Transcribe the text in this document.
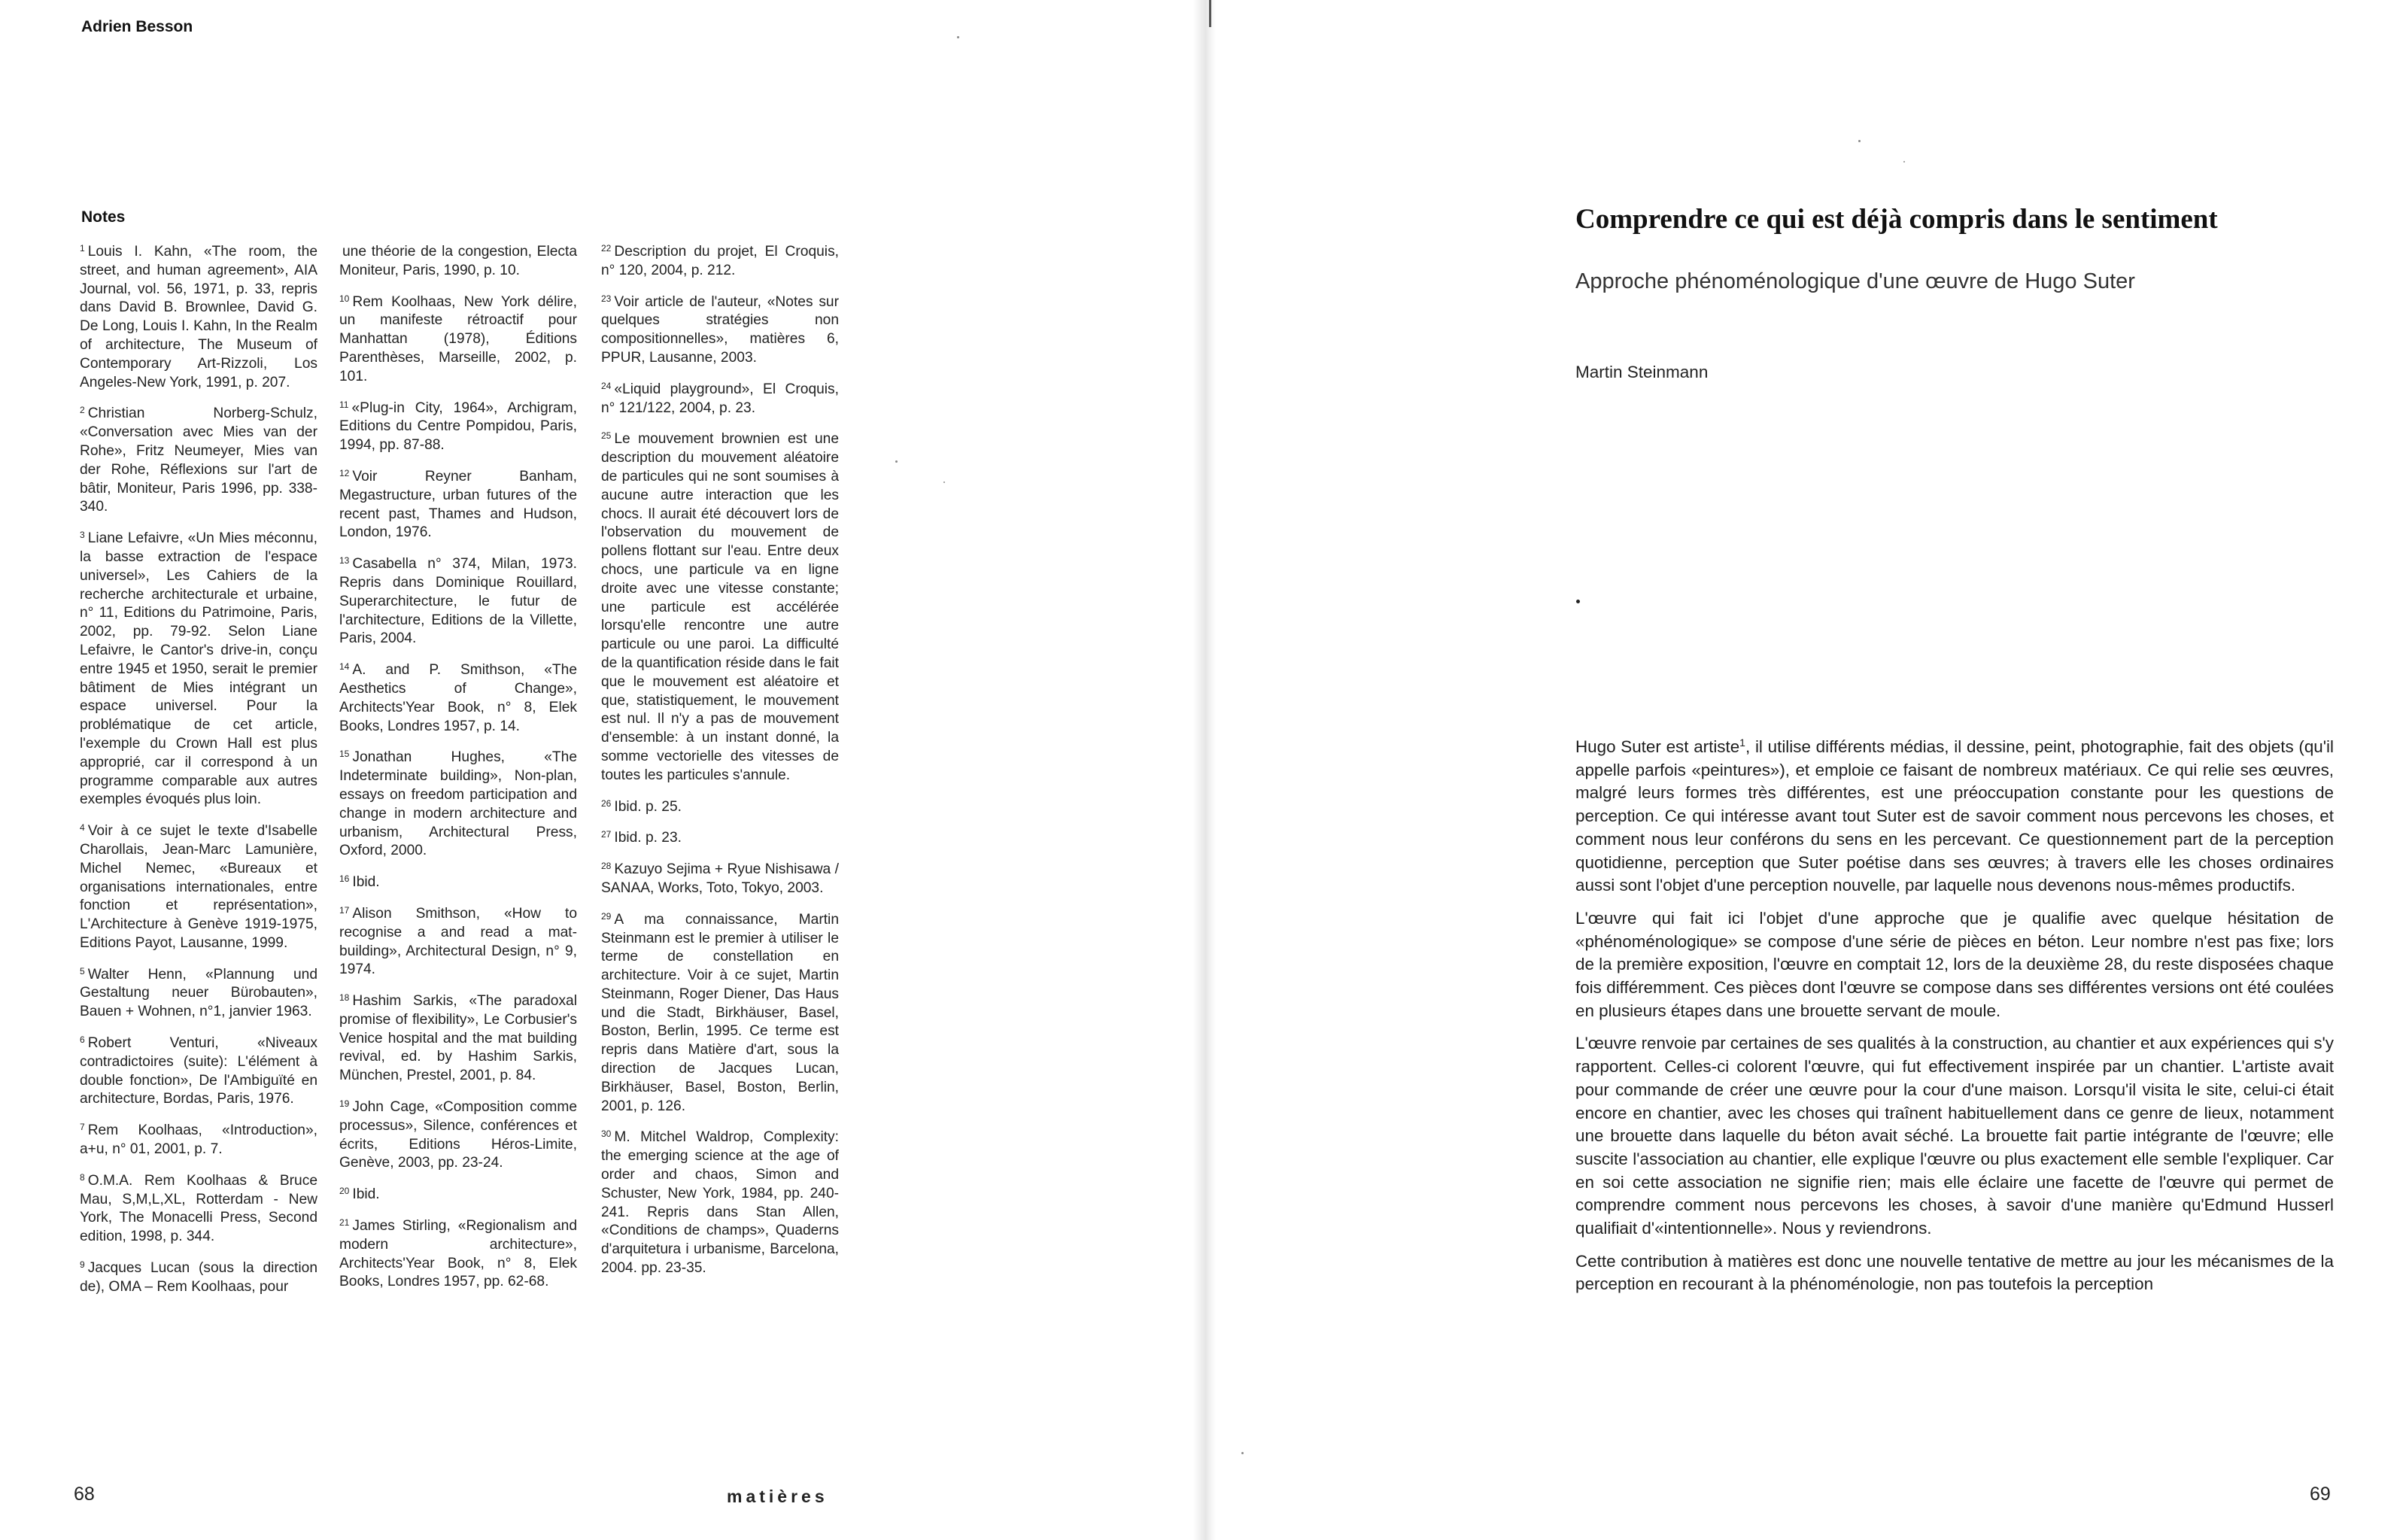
Adrien Besson
Notes

$^1$ Louis I. Kahn, «The room, the street, and human agreement», AIA Journal, vol. 56, 1971, p. 33, repris dans David B. Brownlee, David G. De Long, Louis I. Kahn, In the Realm of architecture, The Museum of Contemporary Art-Rizzoli, Los Angeles-New York, 1991, p. 207.

$^2$ Christian Norberg-Schulz, «Conversation avec Mies van der Rohe», Fritz Neumeyer, Mies van der Rohe, Réflexions sur l'art de bâtir, Moniteur, Paris 1996, pp. 338-340.

$^3$ Liane Lefaivre, «Un Mies méconnu, la basse extraction de l'espace universel», Les Cahiers de la recherche architecturale et urbaine, n° 11, Editions du Patrimoine, Paris, 2002, pp. 79-92. Selon Liane Lefaivre, le Cantor's drive-in, conçu entre 1945 et 1950, serait le premier bâtiment de Mies intégrant un espace universel. Pour la problématique de cet article, l'exemple du Crown Hall est plus approprié, car il correspond à un programme comparable aux autres exemples évoqués plus loin.

$^4$ Voir à ce sujet le texte d'Isabelle Charollais, Jean-Marc Lamunière, Michel Nemec, «Bureaux et organisations internationales, entre fonction et représentation», L'Architecture à Genève 1919-1975, Editions Payot, Lausanne, 1999.

$^5$ Walter Henn, «Plannung und Gestaltung neuer Bürobauten», Bauen + Wohnen, n°1, janvier 1963.

$^6$ Robert Venturi, «Niveaux contradictoires (suite): L'élément à double fonction», De l'Ambiguïté en architecture, Bordas, Paris, 1976.

$^7$ Rem Koolhaas, «Introduction», a+u, n° 01, 2001, p. 7.

$^8$ O.M.A. Rem Koolhaas & Bruce Mau, S,M,L,XL, Rotterdam - New York, The Monacelli Press, Second edition, 1998, p. 344.

$^9$ Jacques Lucan (sous la direction de), OMA – Rem Koolhaas, pour

une théorie de la congestion, Electa Moniteur, Paris, 1990, p. 10.

$^{10}$ Rem Koolhaas, New York délire, un manifeste rétroactif pour Manhattan (1978), Éditions Parenthèses, Marseille, 2002, p. 101.

$^{11}$ «Plug-in City, 1964», Archigram, Editions du Centre Pompidou, Paris, 1994, pp. 87-88.

$^{12}$ Voir Reyner Banham, Megastructure, urban futures of the recent past, Thames and Hudson, London, 1976.

$^{13}$ Casabella n° 374, Milan, 1973. Repris dans Dominique Rouillard, Superarchitecture, le futur de l'architecture, Editions de la Villette, Paris, 2004.

$^{14}$ A. and P. Smithson, «The Aesthetics of Change», Architects'Year Book, n° 8, Elek Books, Londres 1957, p. 14.

$^{15}$ Jonathan Hughes, «The Indeterminate building», Non-plan, essays on freedom participation and change in modern architecture and urbanism, Architectural Press, Oxford, 2000.

$^{16}$ Ibid.

$^{17}$ Alison Smithson, «How to recognise a and read a mat-building», Architectural Design, n° 9, 1974.

$^{18}$ Hashim Sarkis, «The paradoxal promise of flexibility», Le Corbusier's Venice hospital and the mat building revival, ed. by Hashim Sarkis, München, Prestel, 2001, p. 84.

$^{19}$ John Cage, «Composition comme processus», Silence, conférences et écrits, Editions Héros-Limite, Genève, 2003, pp. 23-24.

$^{20}$ Ibid.

$^{21}$ James Stirling, «Regionalism and modern architecture», Architects'Year Book, n° 8, Elek Books, Londres 1957, pp. 62-68.

$^{22}$ Description du projet, El Croquis, n° 120, 2004, p. 212.

$^{23}$ Voir article de l'auteur, «Notes sur quelques stratégies non compositionnelles», matières 6, PPUR, Lausanne, 2003.

$^{24}$ «Liquid playground», El Croquis, n° 121/122, 2004, p. 23.

$^{25}$ Le mouvement brownien est une description du mouvement aléatoire de particules qui ne sont soumises à aucune autre interaction que les chocs. Il aurait été découvert lors de l'observation du mouvement de pollens flottant sur l'eau. Entre deux chocs, une particule va en ligne droite avec une vitesse constante; une particule est accélérée lorsqu'elle rencontre une autre particule ou une paroi. La difficulté de la quantification réside dans le fait que le mouvement est aléatoire et que, statistiquement, le mouvement est nul. Il n'y a pas de mouvement d'ensemble: à un instant donné, la somme vectorielle des vitesses de toutes les particules s'annule.

$^{26}$ Ibid. p. 25.

$^{27}$ Ibid. p. 23.

$^{28}$ Kazuyo Sejima + Ryue Nishisawa / SANAA, Works, Toto, Tokyo, 2003.

$^{29}$ A ma connaissance, Martin Steinmann est le premier à utiliser le terme de constellation en architecture. Voir à ce sujet, Martin Steinmann, Roger Diener, Das Haus und die Stadt, Birkhäuser, Basel, Boston, Berlin, 1995. Ce terme est repris dans Matière d'art, sous la direction de Jacques Lucan, Birkhäuser, Basel, Boston, Berlin, 2001, p. 126.

$^{30}$ M. Mitchel Waldrop, Complexity: the emerging science at the age of order and chaos, Simon and Schuster, New York, 1984, pp. 240-241. Repris dans Stan Allen, «Conditions de champs», Quaderns d'arquitetura i urbanisme, Barcelona, 2004. pp. 23-35.

68	matières
Comprendre ce qui est déjà compris dans le sentiment
Approche phénoménologique d'une œuvre de Hugo Suter
Martin Steinmann

Hugo Suter est artiste$^1$, il utilise différents médias, il dessine, peint, photographie, fait des objets (qu'il appelle parfois «peintures»), et emploie ce faisant de nombreux matériaux. Ce qui relie ses œuvres, malgré leurs formes très différentes, est une préoccupation constante pour les questions de perception. Ce qui intéresse avant tout Suter est de savoir comment nous percevons les choses, et comment nous leur conférons du sens en les percevant. Ce questionnement part de la perception quotidienne, perception que Suter poétise dans ses œuvres; à travers elle les choses ordinaires aussi sont l'objet d'une perception nouvelle, par laquelle nous devenons nous-mêmes productifs.

L'œuvre qui fait ici l'objet d'une approche que je qualifie avec quelque hésitation de «phénoménologique» se compose d'une série de pièces en béton. Leur nombre n'est pas fixe; lors de la première exposition, l'œuvre en comptait 12, lors de la deuxième 28, du reste disposées chaque fois différemment. Ces pièces dont l'œuvre se compose dans ses différentes versions ont été coulées en plusieurs étapes dans une brouette servant de moule.

L'œuvre renvoie par certaines de ses qualités à la construction, au chantier et aux expériences qui s'y rapportent. Celles-ci colorent l'œuvre, qui fut effectivement inspirée par un chantier. L'artiste avait pour commande de créer une œuvre pour la cour d'une maison. Lorsqu'il visita le site, celui-ci était encore en chantier, avec les choses qui traînent habituellement dans ce genre de lieux, notamment une brouette dans laquelle du béton avait séché. La brouette fait partie intégrante de l'œuvre; elle suscite l'association au chantier, elle explique l'œuvre ou plus exactement elle semble l'expliquer. Car en soi cette association ne signifie rien; mais elle éclaire une facette de l'œuvre qui permet de comprendre comment nous percevons les choses, à savoir d'une manière qu'Edmund Husserl qualifiait d'«intentionnelle». Nous y reviendrons.

Cette contribution à matières est donc une nouvelle tentative de mettre au jour les mécanismes de la perception en recourant à la phénoménologie, non pas toutefois la perception

69
